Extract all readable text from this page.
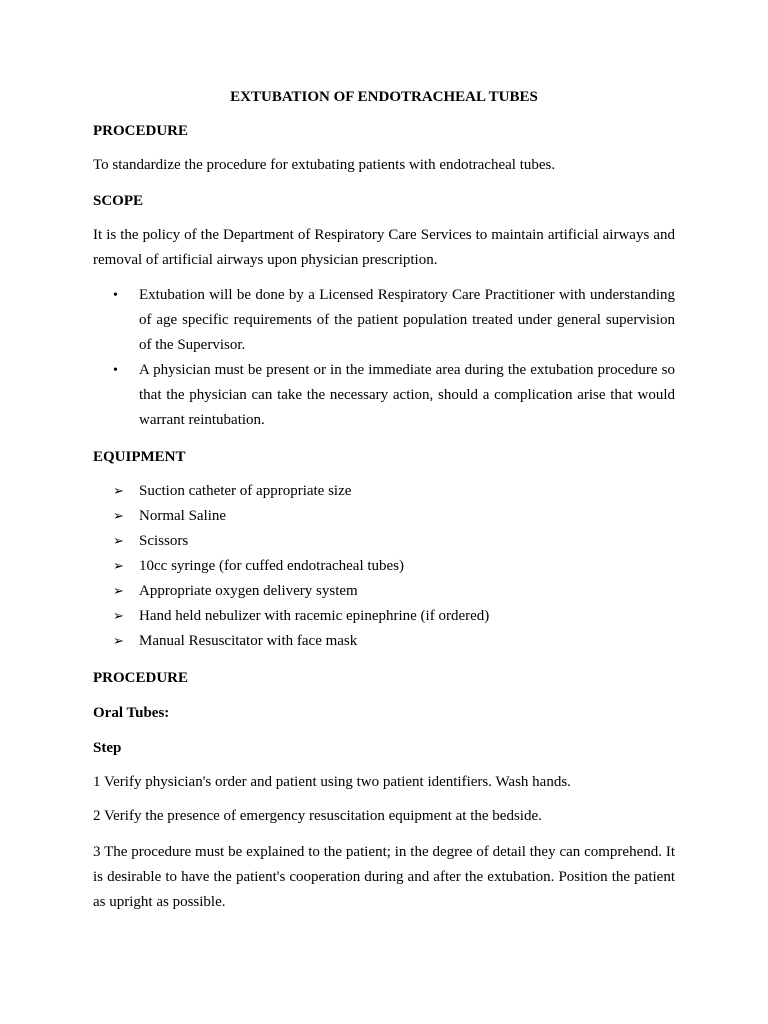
EXTUBATION OF ENDOTRACHEAL TUBES
PROCEDURE
To standardize the procedure for extubating patients with endotracheal tubes.
SCOPE
It is the policy of the Department of Respiratory Care Services to maintain artificial airways and removal of artificial airways upon physician prescription.
• Extubation will be done by a Licensed Respiratory Care Practitioner with understanding of age specific requirements of the patient population treated under general supervision of the Supervisor.
• A physician must be present or in the immediate area during the extubation procedure so that the physician can take the necessary action, should a complication arise that would warrant reintubation.
EQUIPMENT
➢ Suction catheter of appropriate size
➢ Normal Saline
➢ Scissors
➢ 10cc syringe (for cuffed endotracheal tubes)
➢ Appropriate oxygen delivery system
➢ Hand held nebulizer with racemic epinephrine (if ordered)
➢ Manual Resuscitator with face mask
PROCEDURE
Oral Tubes:
Step
1 Verify physician's order and patient using two patient identifiers. Wash hands.
2 Verify the presence of emergency resuscitation equipment at the bedside.
3 The procedure must be explained to the patient; in the degree of detail they can comprehend. It is desirable to have the patient's cooperation during and after the extubation. Position the patient as upright as possible.
